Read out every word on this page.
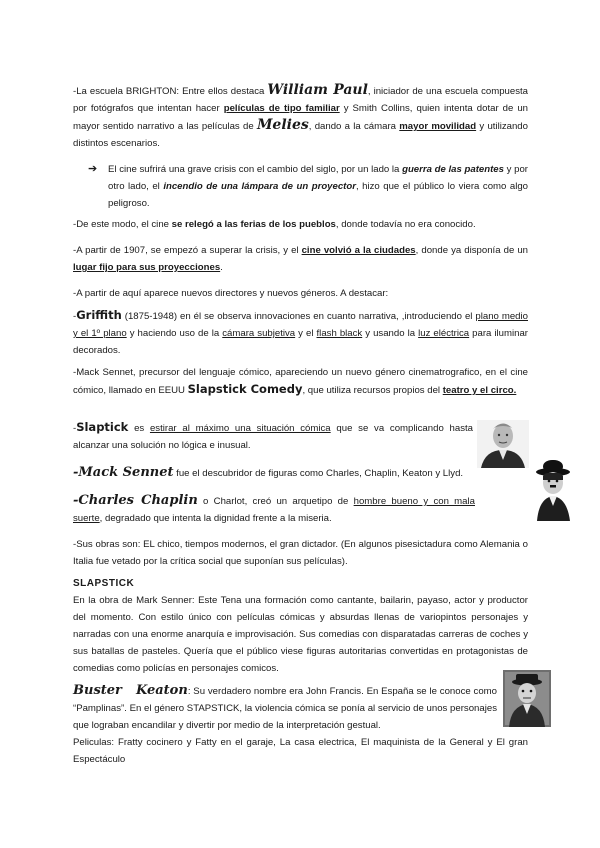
-La escuela BRIGHTON: Entre ellos destaca William Paul, iniciador de una escuela compuesta por fotógrafos que intentan hacer películas de tipo familiar y Smith Collins, quien intenta dotar de un mayor sentido narrativo a las películas de Melies, dando a la cámara mayor movilidad y utilizando distintos escenarios.

➔ El cine sufrirá una grave crisis con el cambio del siglo, por un lado la guerra de las patentes y por otro lado, el incendio de una lámpara de un proyector, hizo que el público lo viera como algo peligroso.

-De este modo, el cine se relegó a las ferias de los pueblos, donde todavía no era conocido.

-A partir de 1907, se empezó a superar la crisis, y el cine volvió a la ciudades, donde ya disponía de un lugar fijo para sus proyecciones.

-A partir de aquí aparece nuevos directores y nuevos géneros. A destacar:

-Griffith (1875-1948) en él se observa innovaciones en cuanto narrativa, ,introduciendo el plano medio y el 1º plano y haciendo uso de la cámara subjetiva y el flash black y usando la luz eléctrica para iluminar decorados.

-Mack Sennet, precursor del lenguaje cómico, apareciendo un nuevo género cinematrografico, en el cine cómico, llamado en EEUU Slapstick Comedy, que utiliza recursos propios del teatro y el circo.

-Slaptick es estirar al máximo una situación cómica que se va complicando hasta alcanzar una solución no lógica e inusual.

-Mack Sennet fue el descubridor de figuras como Charles, Chaplin, Keaton y Llyd.

-Charles Chaplin o Charlot, creó un arquetipo de hombre bueno y con mala suerte, degradado que intenta la dignidad frente a la miseria.

-Sus obras son: EL chico, tiempos modernos, el gran dictador. (En algunos pisesictadura como Alemania o Italia fue vetado por la crítica social que suponían sus películas).

SLAPSTICK

En la obra de Mark Senner: Este Tena una formación como cantante, bailarin, payaso, actor y productor del momento. Con estilo único con películas cómicas y absurdas llenas de variopintos personajes y narradas con una enorme anarquía e improvisación. Sus comedias con disparatadas carreras de coches y sus batallas de pasteles. Quería que el público viese figuras autoritarias convertidas en protagonistas de comedias como policías en personajes comicos.

Buster   Keaton: Su verdadero nombre era John Francis. En España se le conoce como “Pamplinas”. En el género STAPSTICK, la violencia cómica se ponía al servicio de unos personajes que lograban encandilar y divertir por medio de la interpretación gestual.

Peliculas: Fratty cocinero y Fatty en el garaje, La casa electrica, El maquinista de la General y El gran Espectáculo
